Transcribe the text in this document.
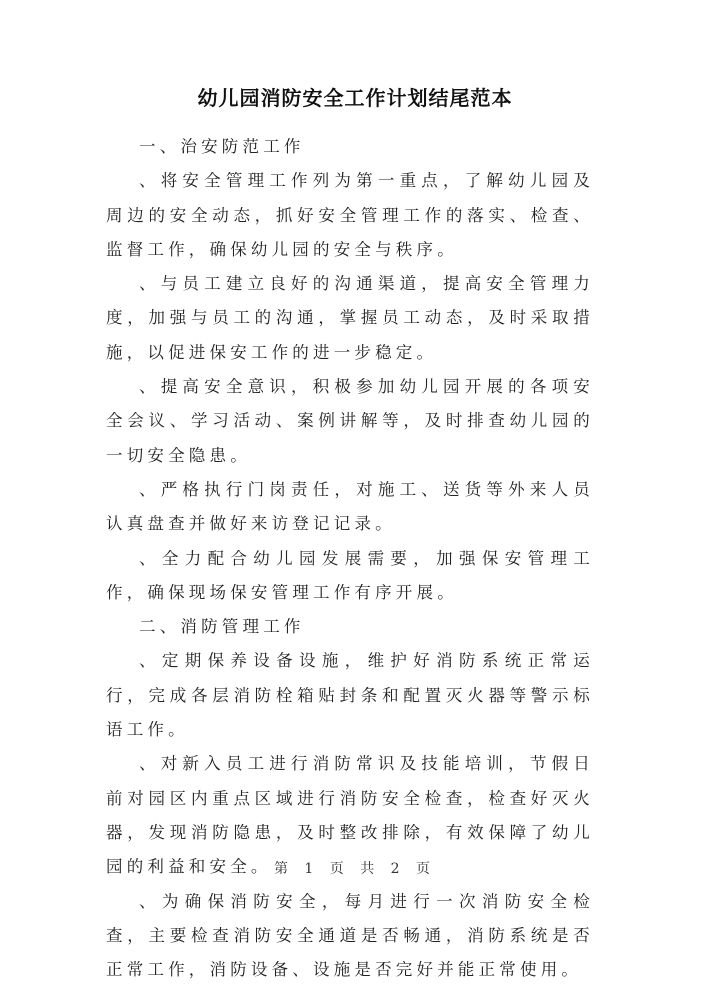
幼儿园消防安全工作计划结尾范本

一、治安防范工作

、将安全管理工作列为第一重点，了解幼儿园及周边的安全动态，抓好安全管理工作的落实、检查、监督工作，确保幼儿园的安全与秩序。

、与员工建立良好的沟通渠道，提高安全管理力度，加强与员工的沟通，掌握员工动态，及时采取措施，以促进保安工作的进一步稳定。

、提高安全意识，积极参加幼儿园开展的各项安全会议、学习活动、案例讲解等，及时排查幼儿园的一切安全隐患。

、严格执行门岗责任，对施工、送货等外来人员认真盘查并做好来访登记记录。

、全力配合幼儿园发展需要，加强保安管理工作，确保现场保安管理工作有序开展。

二、消防管理工作

、定期保养设备设施，维护好消防系统正常运行，完成各层消防栓箱贴封条和配置灭火器等警示标语工作。

、对新入员工进行消防常识及技能培训，节假日前对园区内重点区域进行消防安全检查，检查好灭火器，发现消防隐患，及时整改排除，有效保障了幼儿园的利益和安全。

、为确保消防安全，每月进行一次消防安全检查，主要检查消防安全通道是否畅通，消防系统是否正常工作，消防设备、设施是否完好并能正常使用。

第 1 页 共 2 页
